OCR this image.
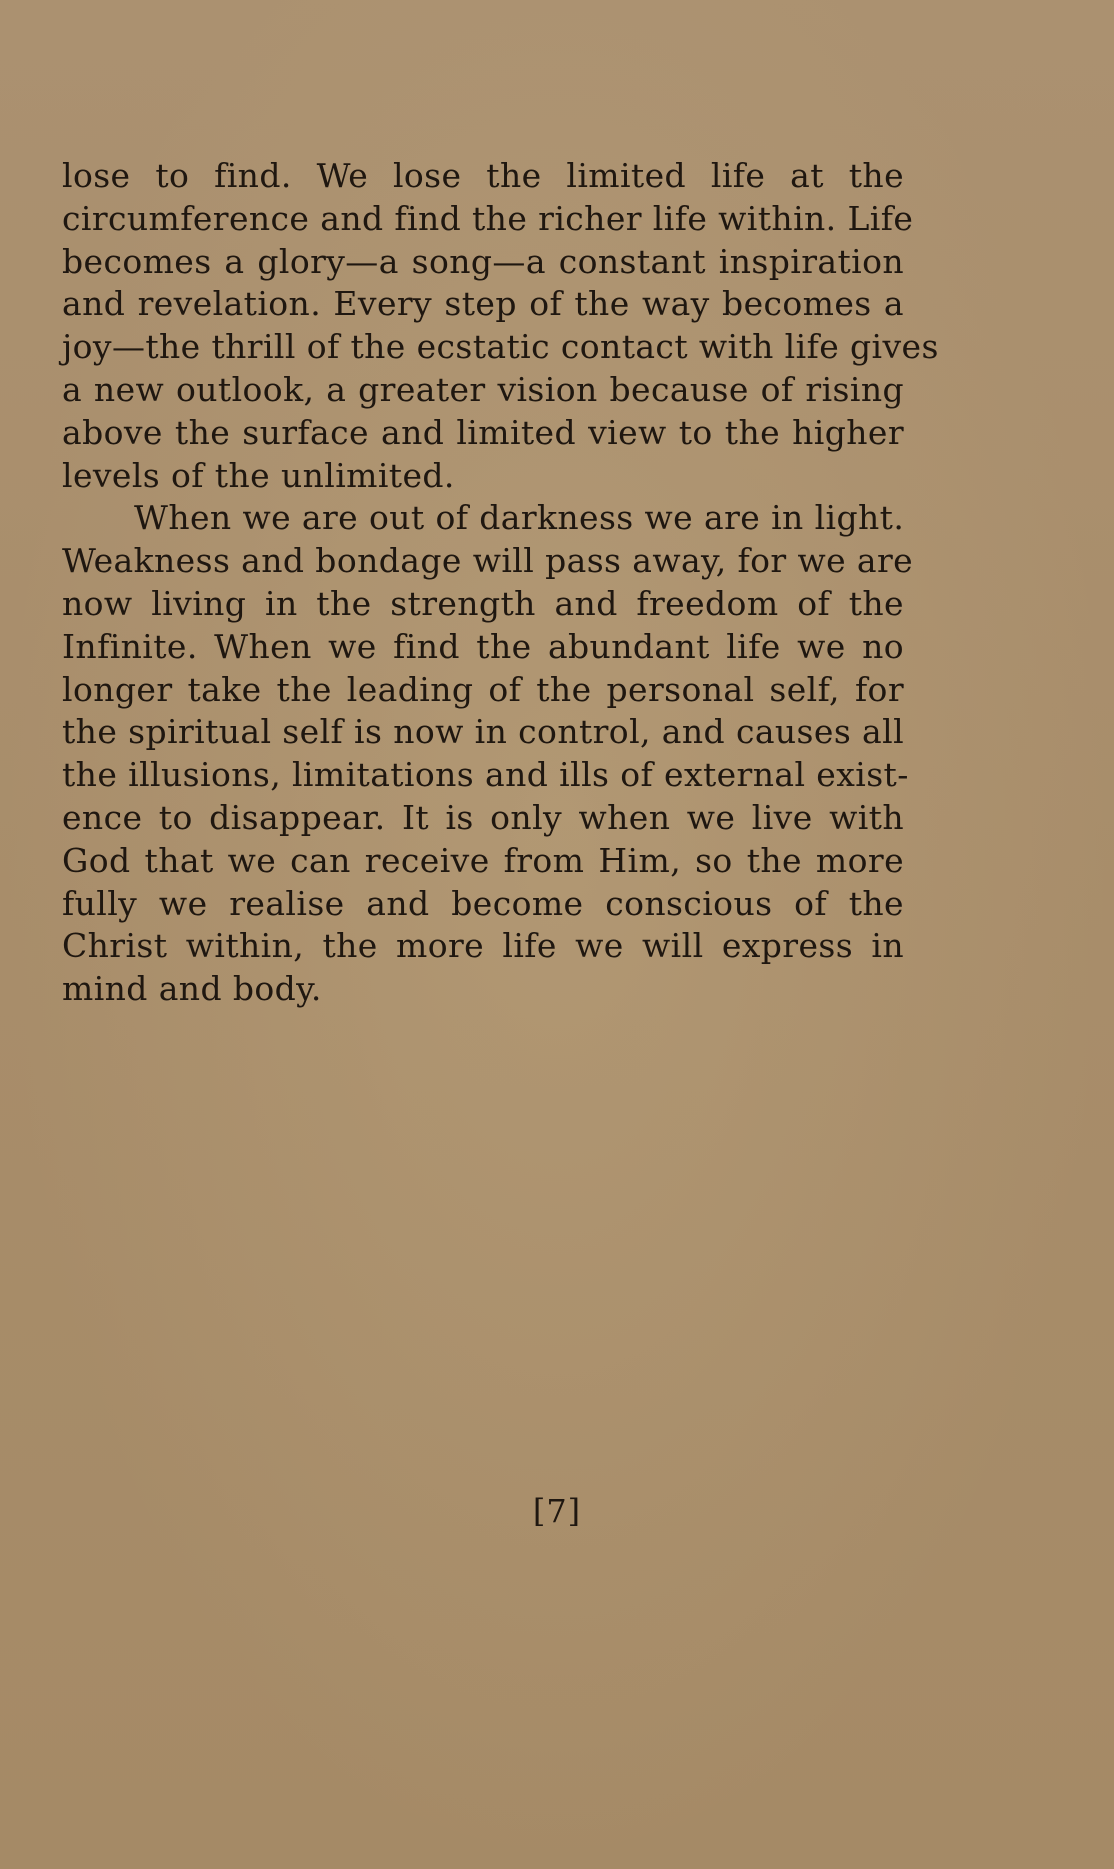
lose to find. We lose the limited life at the
circumference and find the richer life within. Life
becomes a glory—a song—a constant inspiration
and revelation. Every step of the way becomes a
joy—the thrill of the ecstatic contact with life gives
a new outlook, a greater vision because of rising
above the surface and limited view to the higher
levels of the unlimited.
When we are out of darkness we are in light.
Weakness and bondage will pass away, for we are
now living in the strength and freedom of the
Infinite. When we find the abundant life we no
longer take the leading of the personal self, for
the spiritual self is now in control, and causes all
the illusions, limitations and ills of external exist-
ence to disappear. It is only when we live with
God that we can receive from Him, so the more
fully we realise and become conscious of the
Christ within, the more life we will express in
mind and body.
[7]
